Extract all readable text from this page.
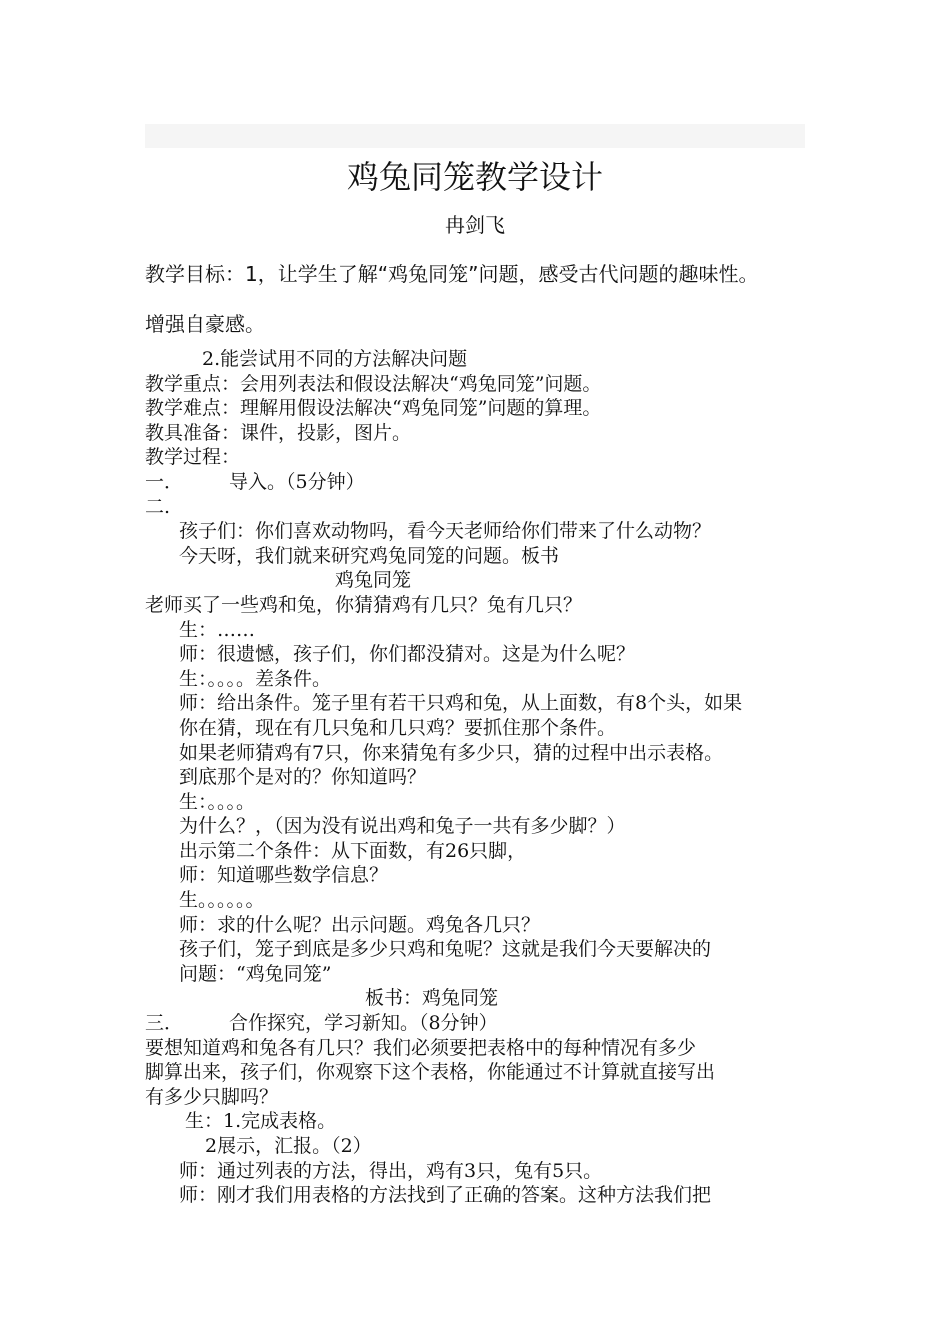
鸡兔同笼教学设计
冉剑飞
教学目标：1，让学生了解“鸡兔同笼”问题，感受古代问题的趣味性。
增强自豪感。
2.能尝试用不同的方法解决问题
教学重点：会用列表法和假设法解决“鸡兔同笼”问题。
教学难点：理解用假设法解决“鸡兔同笼”问题的算理。
教具准备：课件，投影，图片。
教学过程：
一． 导入。（5分钟）
二.
孩子们：你们喜欢动物吗，看今天老师给你们带来了什么动物？
今天呀，我们就来研究鸡兔同笼的问题。板书
鸡兔同笼
老师买了一些鸡和兔，你猜猜鸡有几只？兔有几只？
生：……
师：很遗憾，孩子们，你们都没猜对。这是为什么呢？
生：。。。。差条件。
师：给出条件。笼子里有若干只鸡和兔，从上面数，有8个头，如果
你在猜，现在有几只兔和几只鸡？要抓住那个条件。
如果老师猜鸡有7只，你来猜兔有多少只，猜的过程中出示表格。
到底那个是对的？你知道吗？
生：。。。。
为什么？，（因为没有说出鸡和兔子一共有多少脚？）
出示第二个条件：从下面数，有26只脚，
师：知道哪些数学信息？
生。。。。。。
师：求的什么呢？出示问题。鸡兔各几只？
孩子们，笼子到底是多少只鸡和兔呢？这就是我们今天要解决的
问题：“鸡兔同笼”
板书：鸡兔同笼
三． 合作探究，学习新知。（8分钟）
要想知道鸡和兔各有几只？我们必须要把表格中的每种情况有多少
脚算出来，孩子们，你观察下这个表格，你能通过不计算就直接写出
有多少只脚吗？
生：1.完成表格。
2展示，汇报。（2）
师：通过列表的方法，得出，鸡有3只，兔有5只。
师：刚才我们用表格的方法找到了正确的答案。这种方法我们把
